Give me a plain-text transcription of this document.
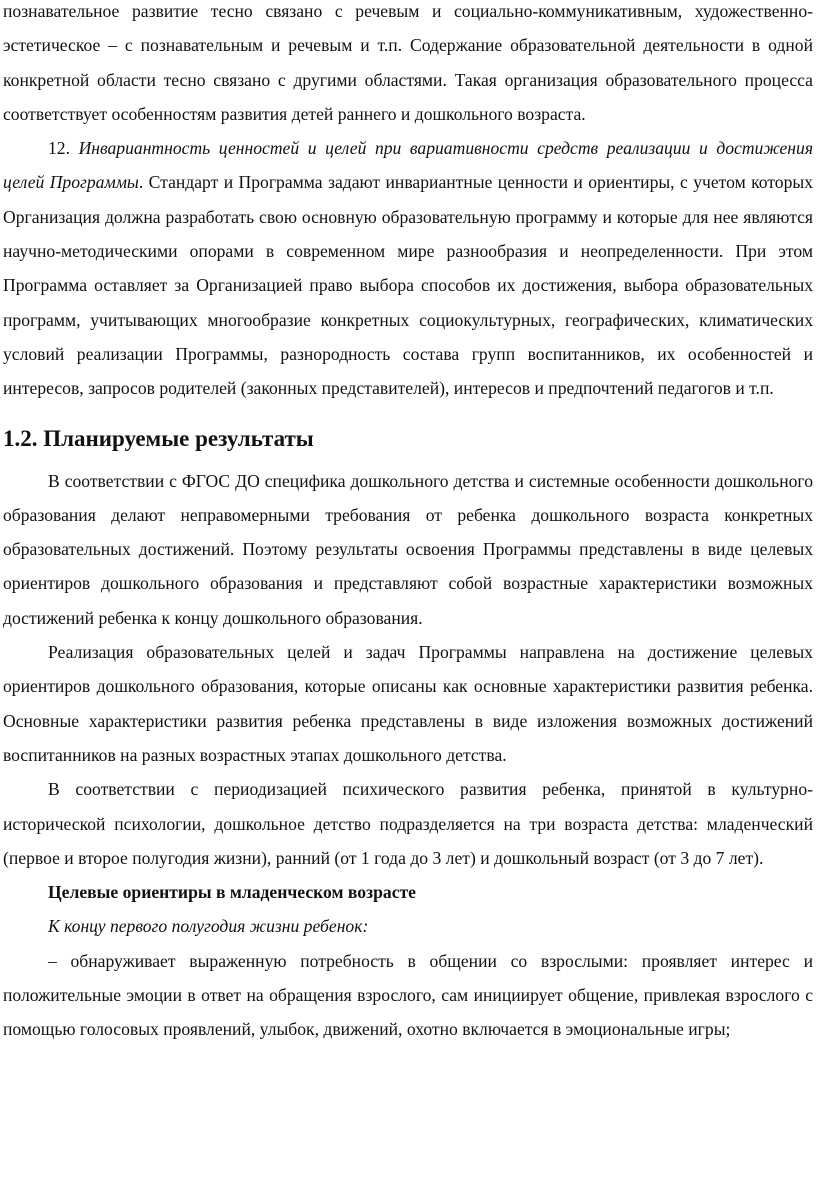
познавательное развитие тесно связано с речевым и социально-коммуникативным, художественно-эстетическое – с познавательным и речевым и т.п. Содержание образовательной деятельности в одной конкретной области тесно связано с другими областями. Такая организация образовательного процесса соответствует особенностям развития детей раннего и дошкольного возраста.

12. Инвариантность ценностей и целей при вариативности средств реализации и достижения целей Программы. Стандарт и Программа задают инвариантные ценности и ориентиры, с учетом которых Организация должна разработать свою основную образовательную программу и которые для нее являются научно-методическими опорами в современном мире разнообразия и неопределенности. При этом Программа оставляет за Организацией право выбора способов их достижения, выбора образовательных программ, учитывающих многообразие конкретных социокультурных, географических, климатических условий реализации Программы, разнородность состава групп воспитанников, их особенностей и интересов, запросов родителей (законных представителей), интересов и предпочтений педагогов и т.п.

1.2. Планируемые результаты

В соответствии с ФГОС ДО специфика дошкольного детства и системные особенности дошкольного образования делают неправомерными требования от ребенка дошкольного возраста конкретных образовательных достижений. Поэтому результаты освоения Программы представлены в виде целевых ориентиров дошкольного образования и представляют собой возрастные характеристики возможных достижений ребенка к концу дошкольного образования.

Реализация образовательных целей и задач Программы направлена на достижение целевых ориентиров дошкольного образования, которые описаны как основные характеристики развития ребенка. Основные характеристики развития ребенка представлены в виде изложения возможных достижений воспитанников на разных возрастных этапах дошкольного детства.

В соответствии с периодизацией психического развития ребенка, принятой в культурно-исторической психологии, дошкольное детство подразделяется на три возраста детства: младенческий (первое и второе полугодия жизни), ранний (от 1 года до 3 лет) и дошкольный возраст (от 3 до 7 лет).

Целевые ориентиры в младенческом возрасте

К концу первого полугодия жизни ребенок:

– обнаруживает выраженную потребность в общении со взрослыми: проявляет интерес и положительные эмоции в ответ на обращения взрослого, сам инициирует общение, привлекая взрослого с помощью голосовых проявлений, улыбок, движений, охотно включается в эмоциональные игры;
